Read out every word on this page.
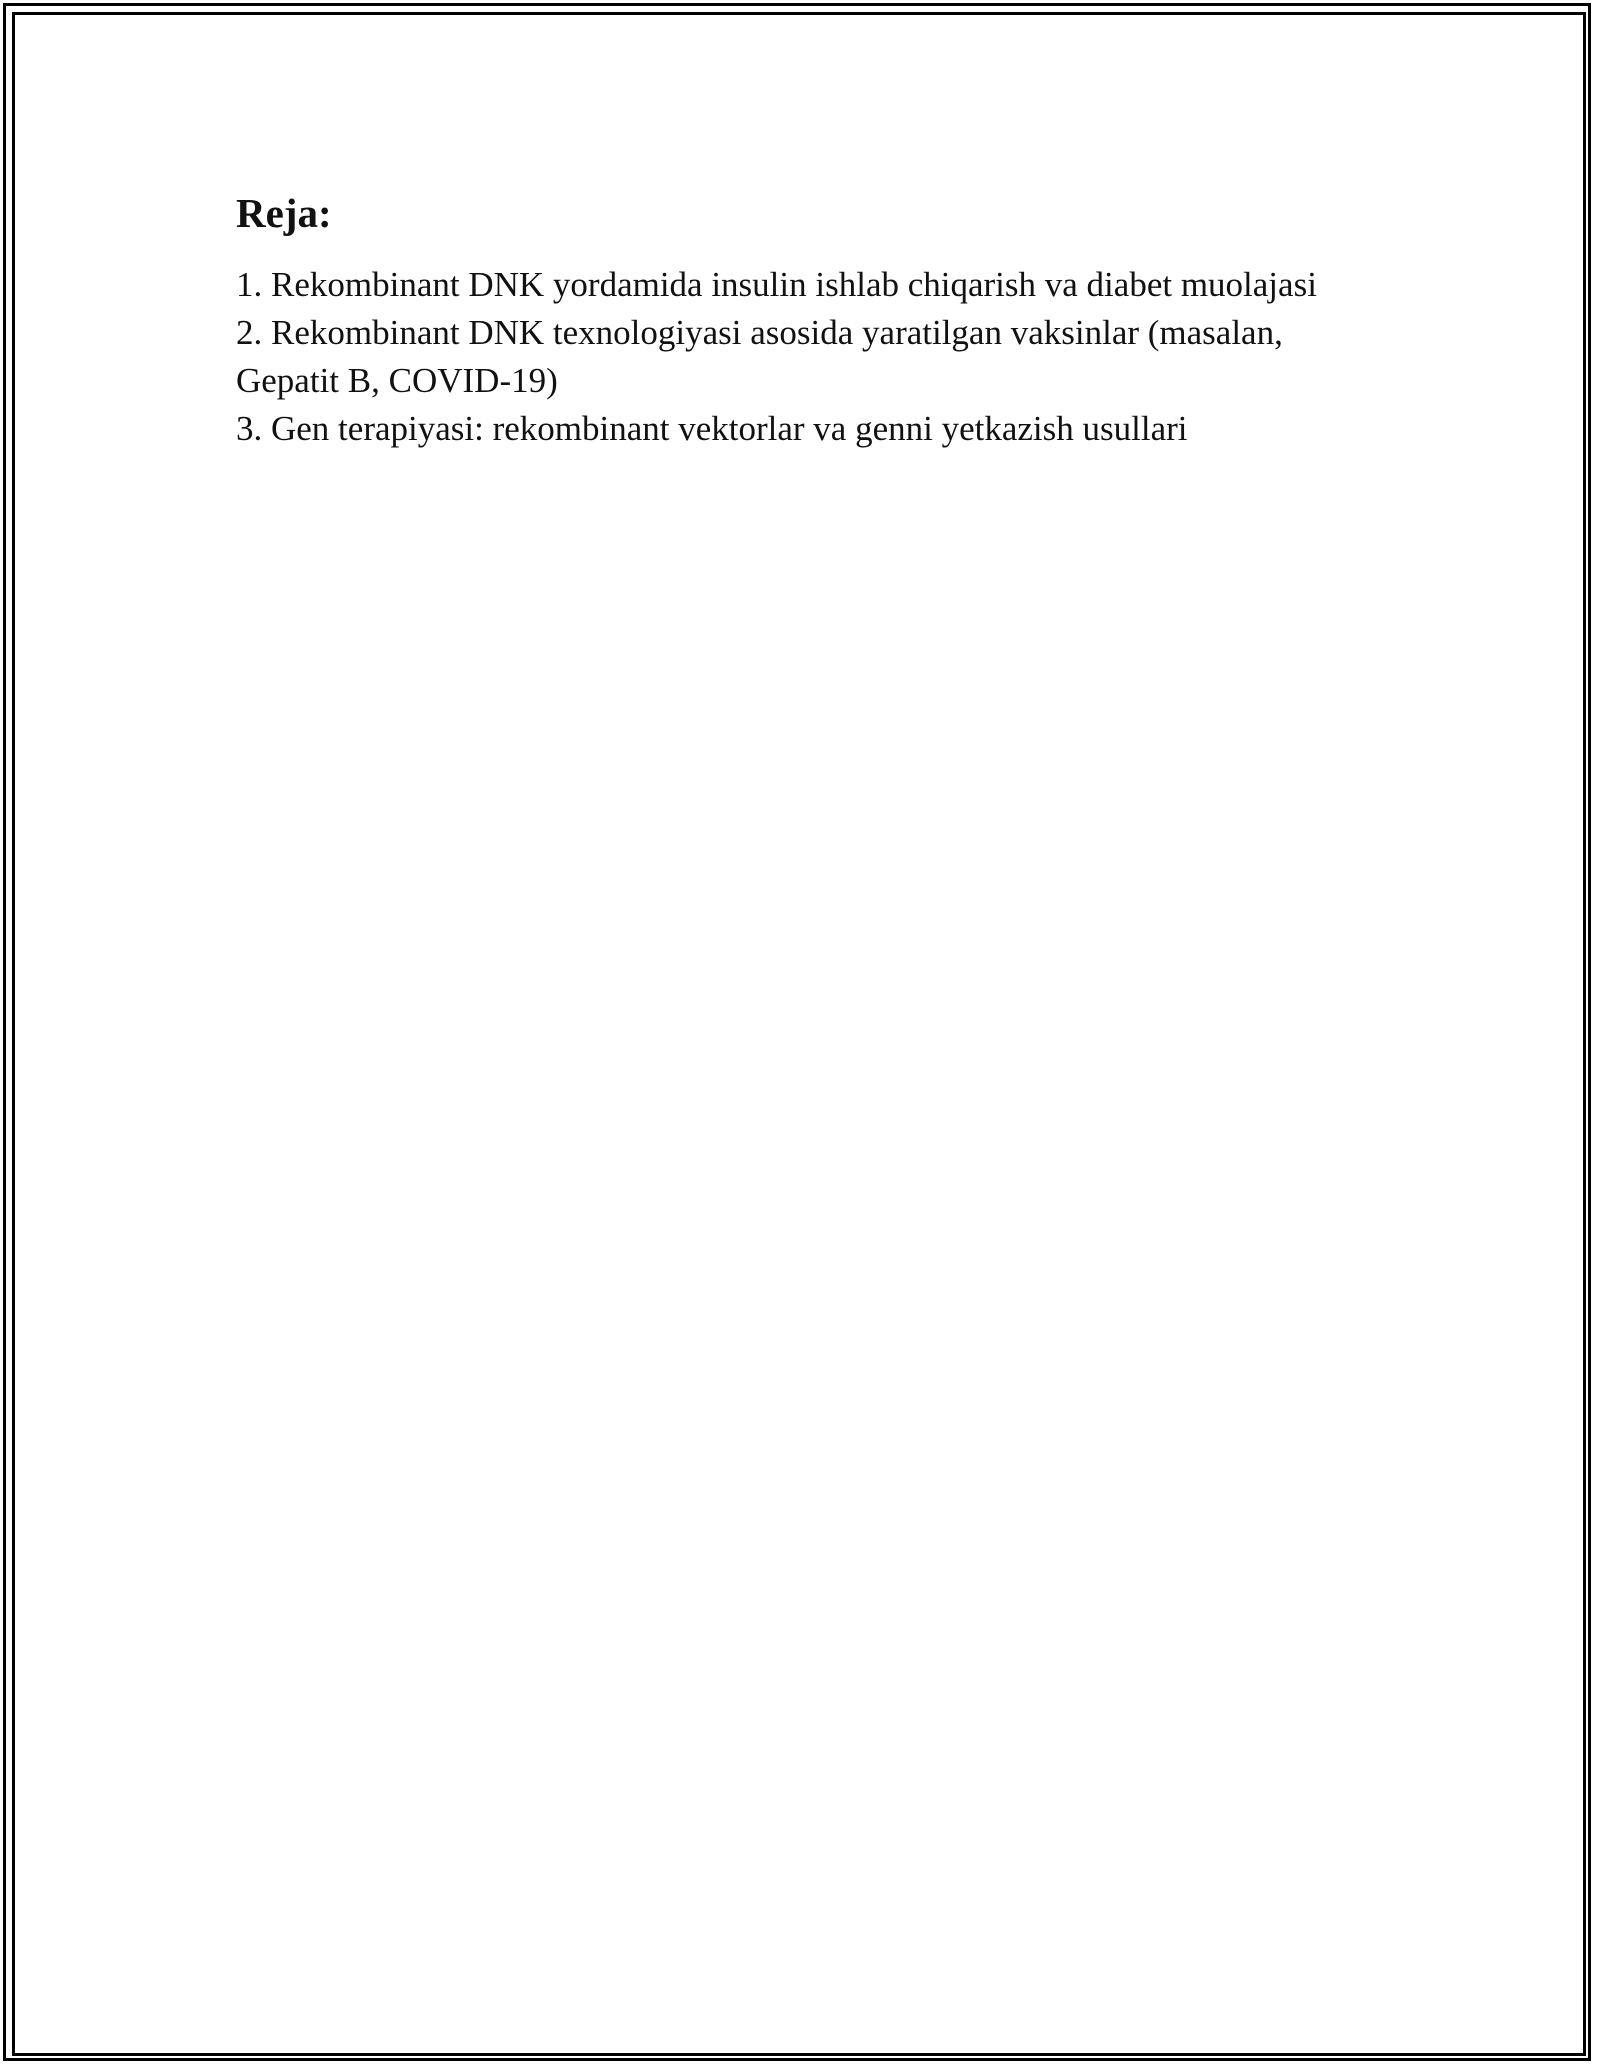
Reja:
1. Rekombinant DNK yordamida insulin ishlab chiqarish va diabet muolajasi
2. Rekombinant DNK texnologiyasi asosida yaratilgan vaksinlar (masalan, Gepatit B, COVID-19)
3. Gen terapiyasi: rekombinant vektorlar va genni yetkazish usullari
